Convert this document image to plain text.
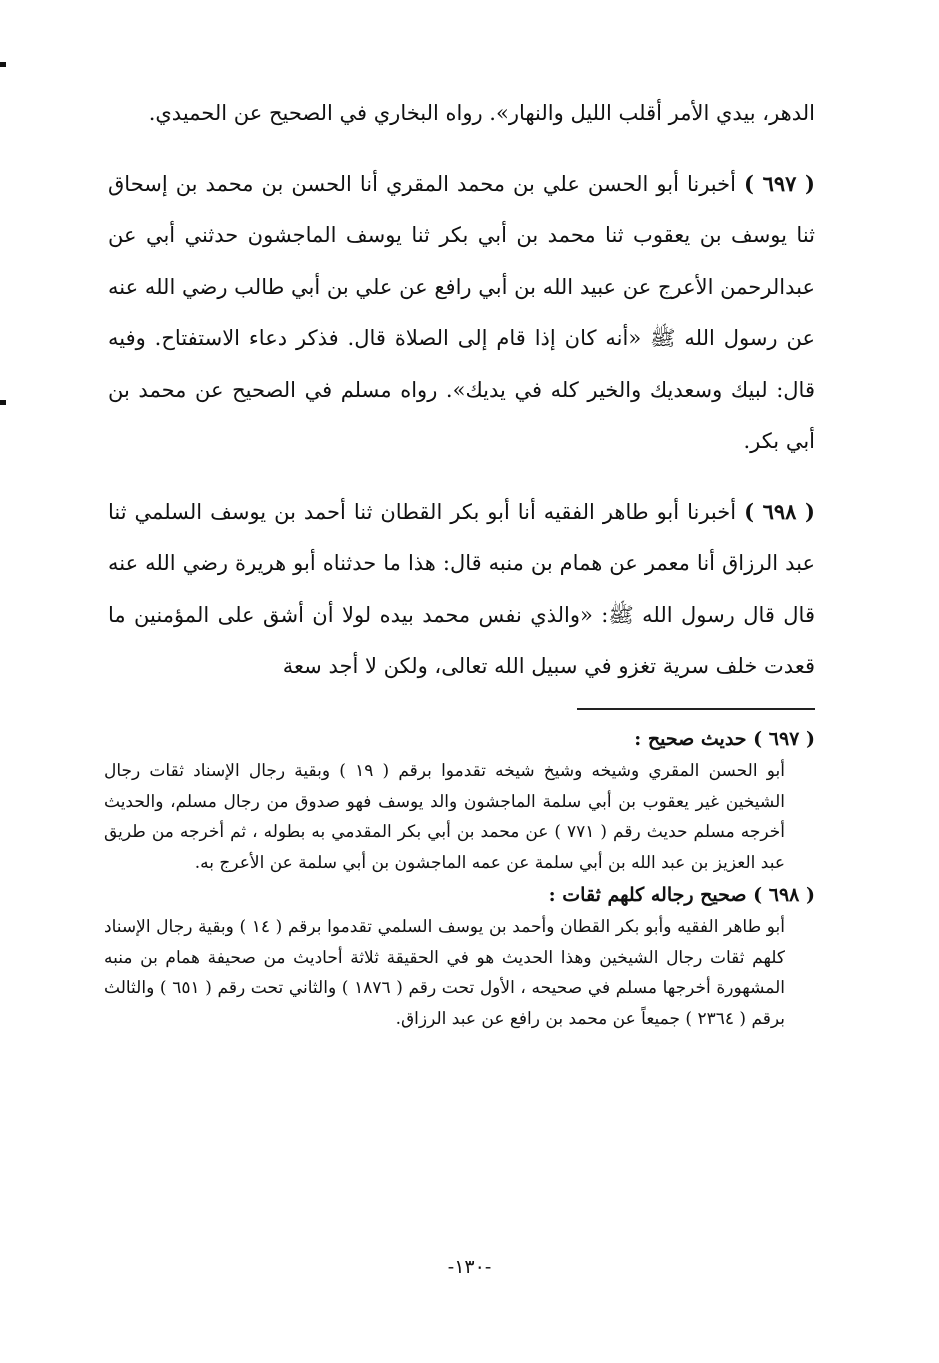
الدهر، بيدي الأمر أقلب الليل والنهار». رواه البخاري في الصحيح عن الحميدي.

( ٦٩٧ ) أخبرنا أبو الحسن علي بن محمد المقري أنا الحسن بن محمد بن إسحاق ثنا يوسف بن يعقوب ثنا محمد بن أبي بكر ثنا يوسف الماجشون حدثني أبي عن عبدالرحمن الأعرج عن عبيد الله بن أبي رافع عن علي بن أبي طالب رضي الله عنه عن رسول الله ﷺ «أنه كان إذا قام إلى الصلاة قال. فذكر دعاء الاستفتاح. وفيه قال: لبيك وسعديك والخير كله في يديك». رواه مسلم في الصحيح عن محمد بن أبي بكر.

( ٦٩٨ ) أخبرنا أبو طاهر الفقيه أنا أبو بكر القطان ثنا أحمد بن يوسف السلمي ثنا عبد الرزاق أنا معمر عن همام بن منبه قال: هذا ما حدثناه أبو هريرة رضي الله عنه قال قال رسول الله ﷺ: «والذي نفس محمد بيده لولا أن أشق على المؤمنين ما قعدت خلف سرية تغزو في سبيل الله تعالى، ولكن لا أجد سعة

( ٦٩٧ ) حديث صحيح :

أبو الحسن المقري وشيخه وشيخ شيخه تقدموا برقم ( ١٩ ) وبقية رجال الإسناد ثقات رجال الشيخين غير يعقوب بن أبي سلمة الماجشون والد يوسف فهو صدوق من رجال مسلم، والحديث أخرجه مسلم حديث رقم ( ٧٧١ ) عن محمد بن أبي بكر المقدمي به بطوله ، ثم أخرجه من طريق عبد العزيز بن عبد الله بن أبي سلمة عن عمه الماجشون بن أبي سلمة عن الأعرج به.

( ٦٩٨ ) صحيح رجاله كلهم ثقات :

أبو طاهر الفقيه وأبو بكر القطان وأحمد بن يوسف السلمي تقدموا برقم ( ١٤ ) وبقية رجال الإسناد كلهم ثقات رجال الشيخين وهذا الحديث هو في الحقيقة ثلاثة أحاديث من صحيفة همام بن منبه المشهورة أخرجها مسلم في صحيحه ، الأول تحت رقم ( ١٨٧٦ ) والثاني تحت رقم ( ٦٥١ ) والثالث برقم ( ٢٣٦٤ ) جميعاً عن محمد بن رافع عن عبد الرزاق.

-١٣٠-
